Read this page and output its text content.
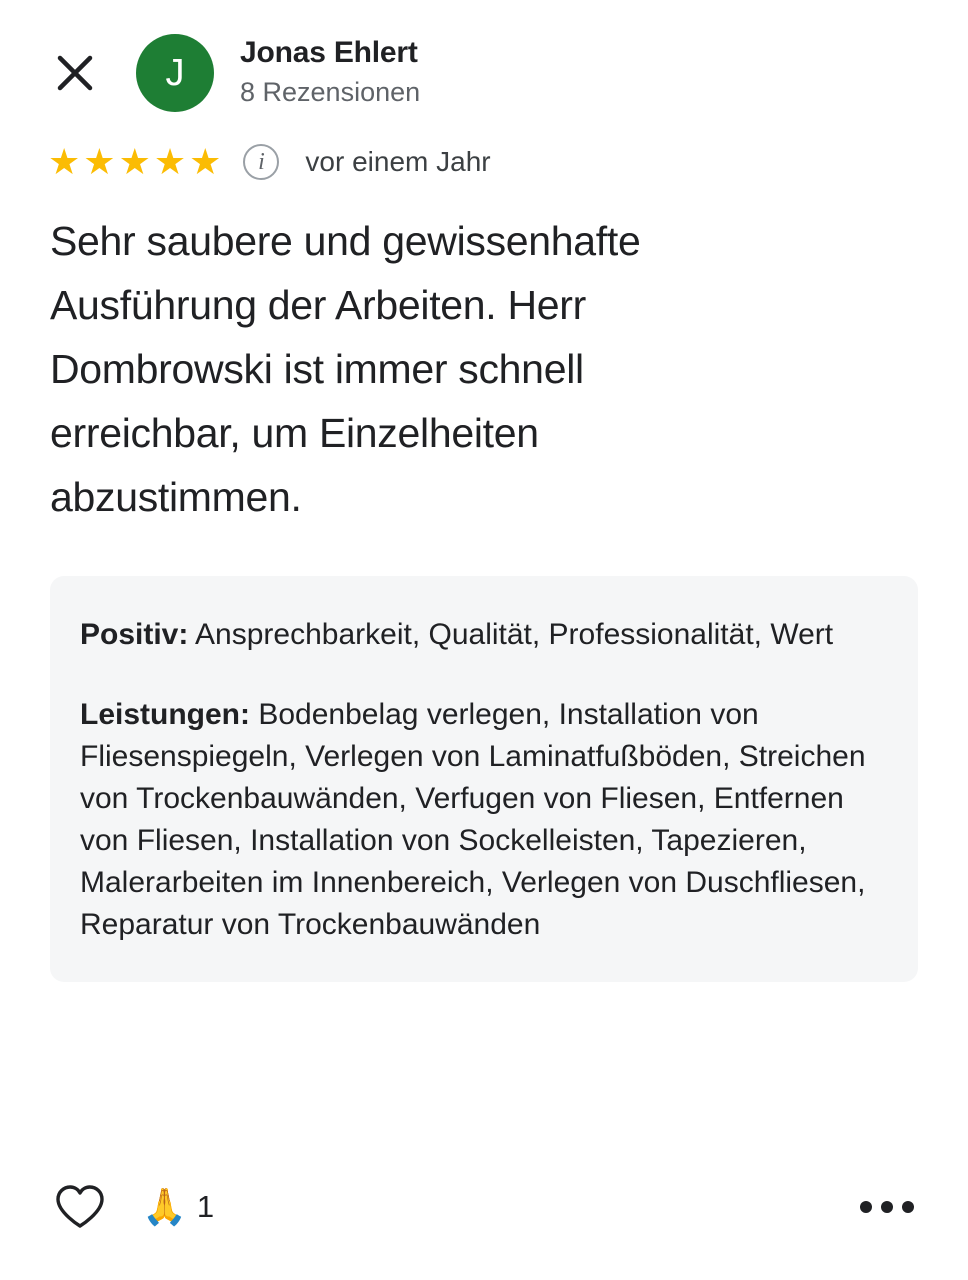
J	Jonas Ehlert
8 Rezensionen
★ ★ ★ ★ ★	i	vor einem Jahr
Sehr saubere und gewissenhafte Ausführung der Arbeiten. Herr Dombrowski ist immer schnell erreichbar, um Einzelheiten abzustimmen.
Positiv: Ansprechbarkeit, Qualität, Professionalität, Wert
Leistungen: Bodenbelag verlegen, Installation von Fliesenspiegeln, Verlegen von Laminatfußböden, Streichen von Trockenbauwänden, Verfugen von Fliesen, Entfernen von Fliesen, Installation von Sockelleisten, Tapezieren, Malerarbeiten im Innenbereich, Verlegen von Duschfliesen, Reparatur von Trockenbauwänden
🙏 1
